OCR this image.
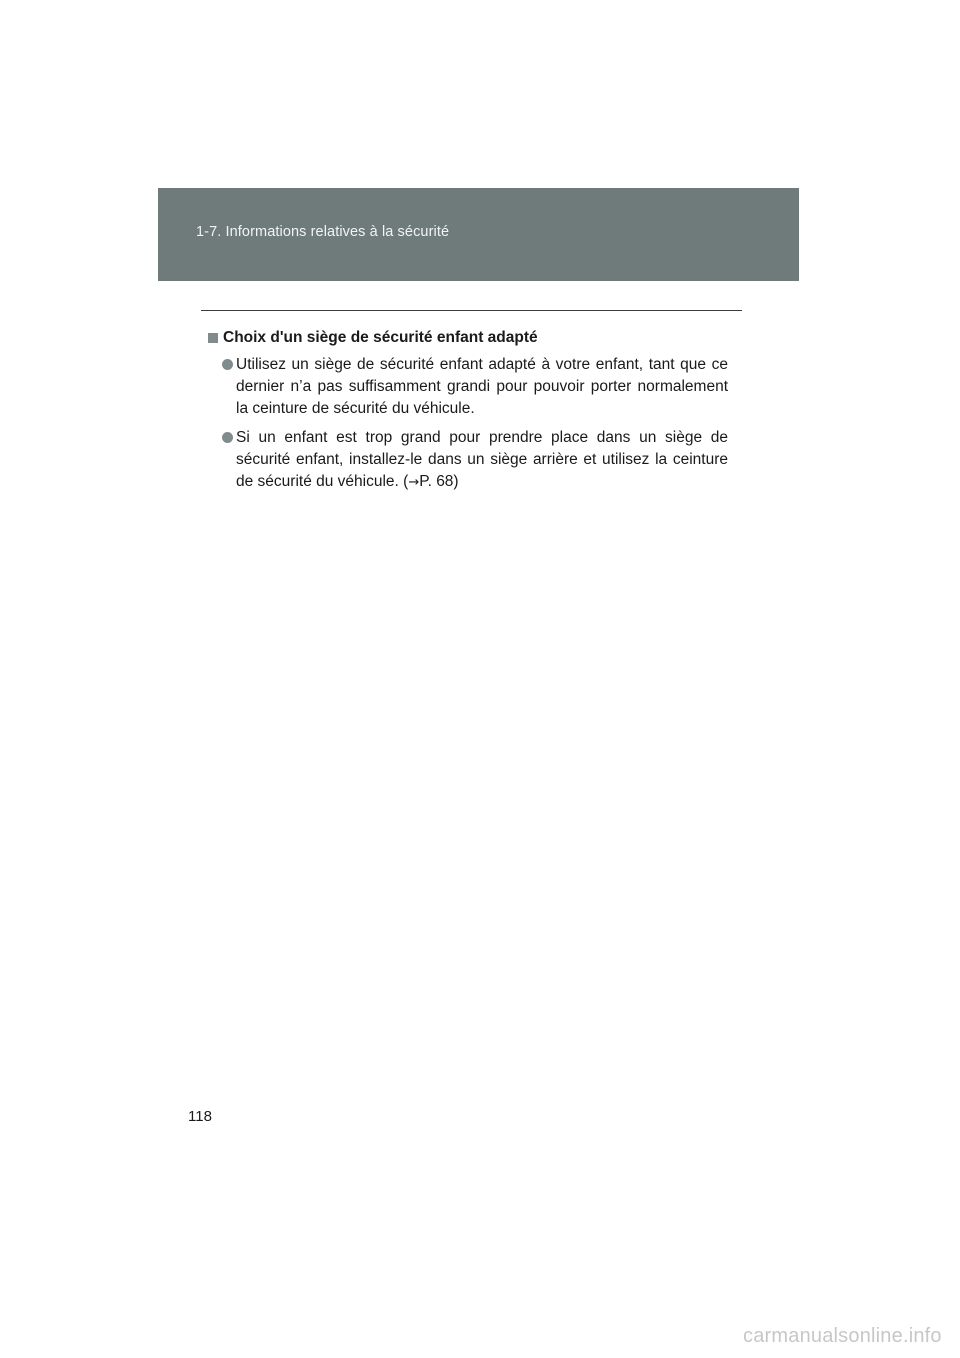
1-7. Informations relatives à la sécurité
Choix d'un siège de sécurité enfant adapté
Utilisez un siège de sécurité enfant adapté à votre enfant, tant que ce dernier n’a pas suffisamment grandi pour pouvoir porter normalement la ceinture de sécurité du véhicule.
Si un enfant est trop grand pour prendre place dans un siège de sécurité enfant, installez-le dans un siège arrière et utilisez la ceinture de sécurité du véhicule. (→P. 68)
118
carmanualsonline.info
